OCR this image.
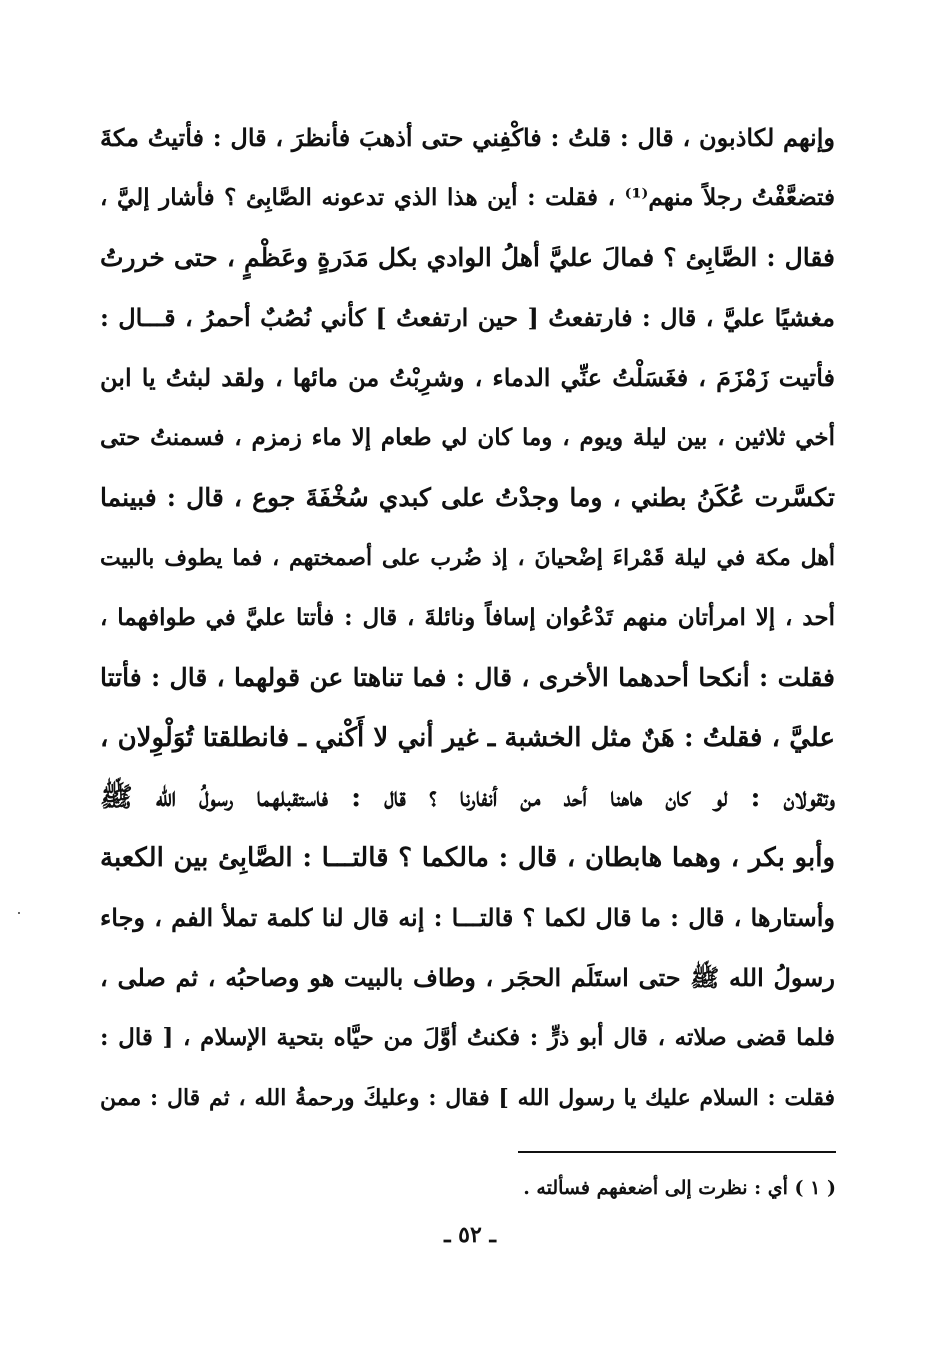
وإنهم لكاذبون ، قال : قلتُ : فاكْفِني حتى أذهبَ فأنظرَ ، قال : فأتيتُ مكةَ
فتضعَّفْتُ رجلاً منهم⁽¹⁾ ، فقلت : أين هذا الذي تدعونه الصَّابِئ ؟ فأشار إليَّ ،
فقال : الصَّابِئ ؟ فمالَ عليَّ أهلُ الوادي بكل مَدَرةٍ وعَظْمٍ ، حتى خررتُ
مغشيًا عليَّ ، قال : فارتفعتُ [ حين ارتفعتُ ] كأني نُصُبٌ أحمرُ ، قـــال :
فأتيت زَمْزَمَ ، فغَسَلْتُ عنِّي الدماء ، وشرِبْتُ من مائها ، ولقد لبثتُ يا ابن
أخي ثلاثين ، بين ليلة ويوم ، وما كان لي طعام إلا ماء زمزم ، فسمنتُ حتى
تكسَّرت عُكَنُ بطني ، وما وجدْتُ على كبدي سُخْفَةَ جوع ، قال : فبينما
أهل مكة في ليلة قَمْراءَ إضْحيانَ ، إذ ضُرب على أصمختهم ، فما يطوف بالبيت
أحد ، إلا امرأتان منهم تَدْعُوان إسافاً ونائلةَ ، قال : فأتتا عليَّ في طوافهما ،
فقلت : أنكحا أحدهما الأخرى ، قال : فما تناهتا عن قولهما ، قال : فأتتا
عليَّ ، فقلتُ : هَنٌ مثل الخشبة ـ غير أني لا أَكْني ـ فانطلقتا تُوَلْوِلان ،
وتقولان : لو كان هاهنا أحد من أنفارنا ؟ قال : فاستقبلهما رسولُ الله ﷺ
وأبو بكر ، وهما هابطان ، قال : مالكما ؟ قالتـــا : الصَّابِئ بين الكعبة
وأستارها ، قال : ما قال لكما ؟ قالتـــا : إنه قال لنا كلمة تملأ الفم ، وجاء
رسولُ الله ﷺ حتى استَلَم الحجَر ، وطاف بالبيت هو وصاحبُه ، ثم صلى ،
فلما قضى صلاته ، قال أبو ذرٍّ : فكنتُ أوَّلَ من حيَّاه بتحية الإسلام ، [ قال :
فقلت : السلام عليك يا رسول الله ] فقال : وعليكَ ورحمةُ الله ، ثم قال : ممن
( ١ ) أي : نظرت إلى أضعفهم فسألته .
ـ ٥٢ ـ
